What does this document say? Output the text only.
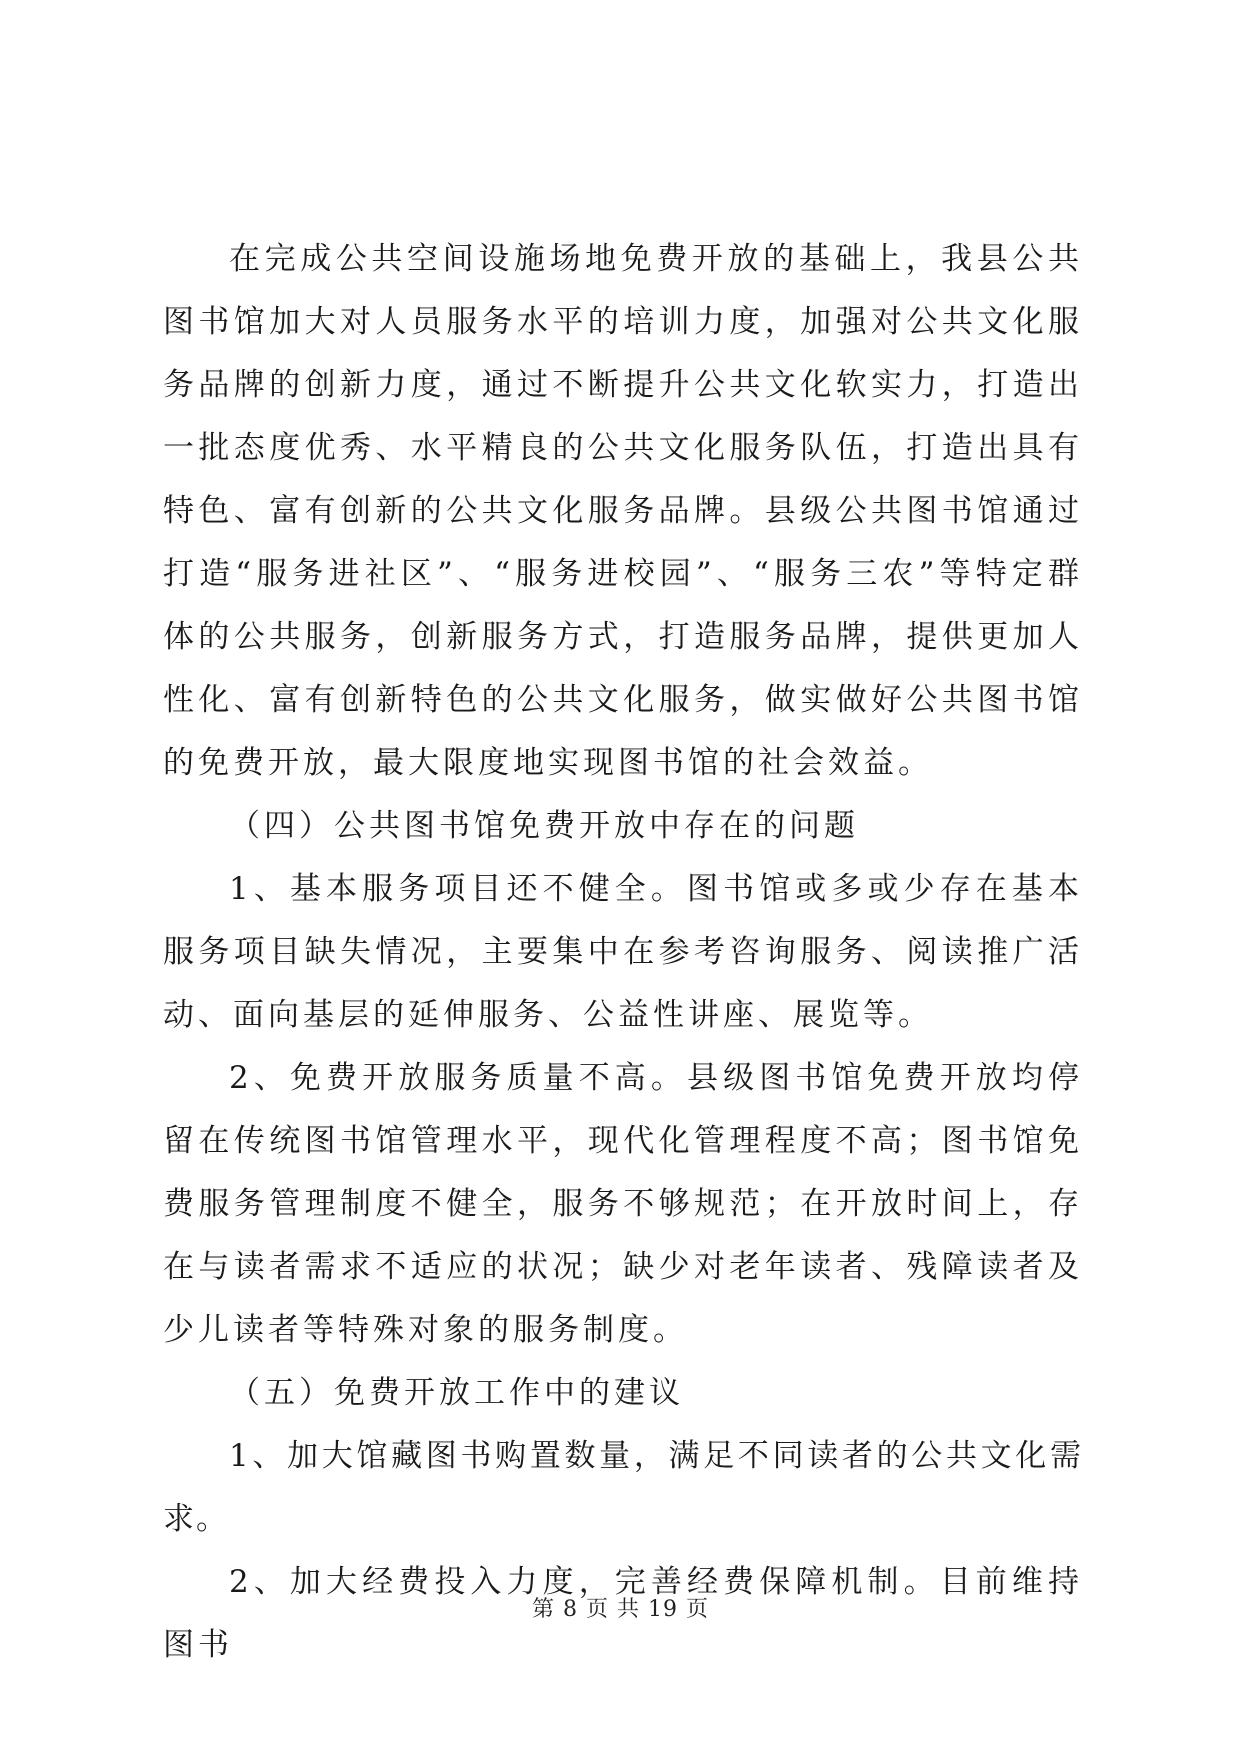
在完成公共空间设施场地免费开放的基础上，我县公共图书馆加大对人员服务水平的培训力度，加强对公共文化服务品牌的创新力度，通过不断提升公共文化软实力，打造出一批态度优秀、水平精良的公共文化服务队伍，打造出具有特色、富有创新的公共文化服务品牌。县级公共图书馆通过打造“服务进社区”、“服务进校园”、“服务三农”等特定群体的公共服务，创新服务方式，打造服务品牌，提供更加人性化、富有创新特色的公共文化服务，做实做好公共图书馆的免费开放，最大限度地实现图书馆的社会效益。

（四）公共图书馆免费开放中存在的问题

1、基本服务项目还不健全。图书馆或多或少存在基本服务项目缺失情况，主要集中在参考咨询服务、阅读推广活动、面向基层的延伸服务、公益性讲座、展览等。

2、免费开放服务质量不高。县级图书馆免费开放均停留在传统图书馆管理水平，现代化管理程度不高；图书馆免费服务管理制度不健全，服务不够规范；在开放时间上，存在与读者需求不适应的状况；缺少对老年读者、残障读者及少儿读者等特殊对象的服务制度。

（五）免费开放工作中的建议

1、加大馆藏图书购置数量，满足不同读者的公共文化需求。

2、加大经费投入力度，完善经费保障机制。目前维持图书

第 8 页 共 19 页
